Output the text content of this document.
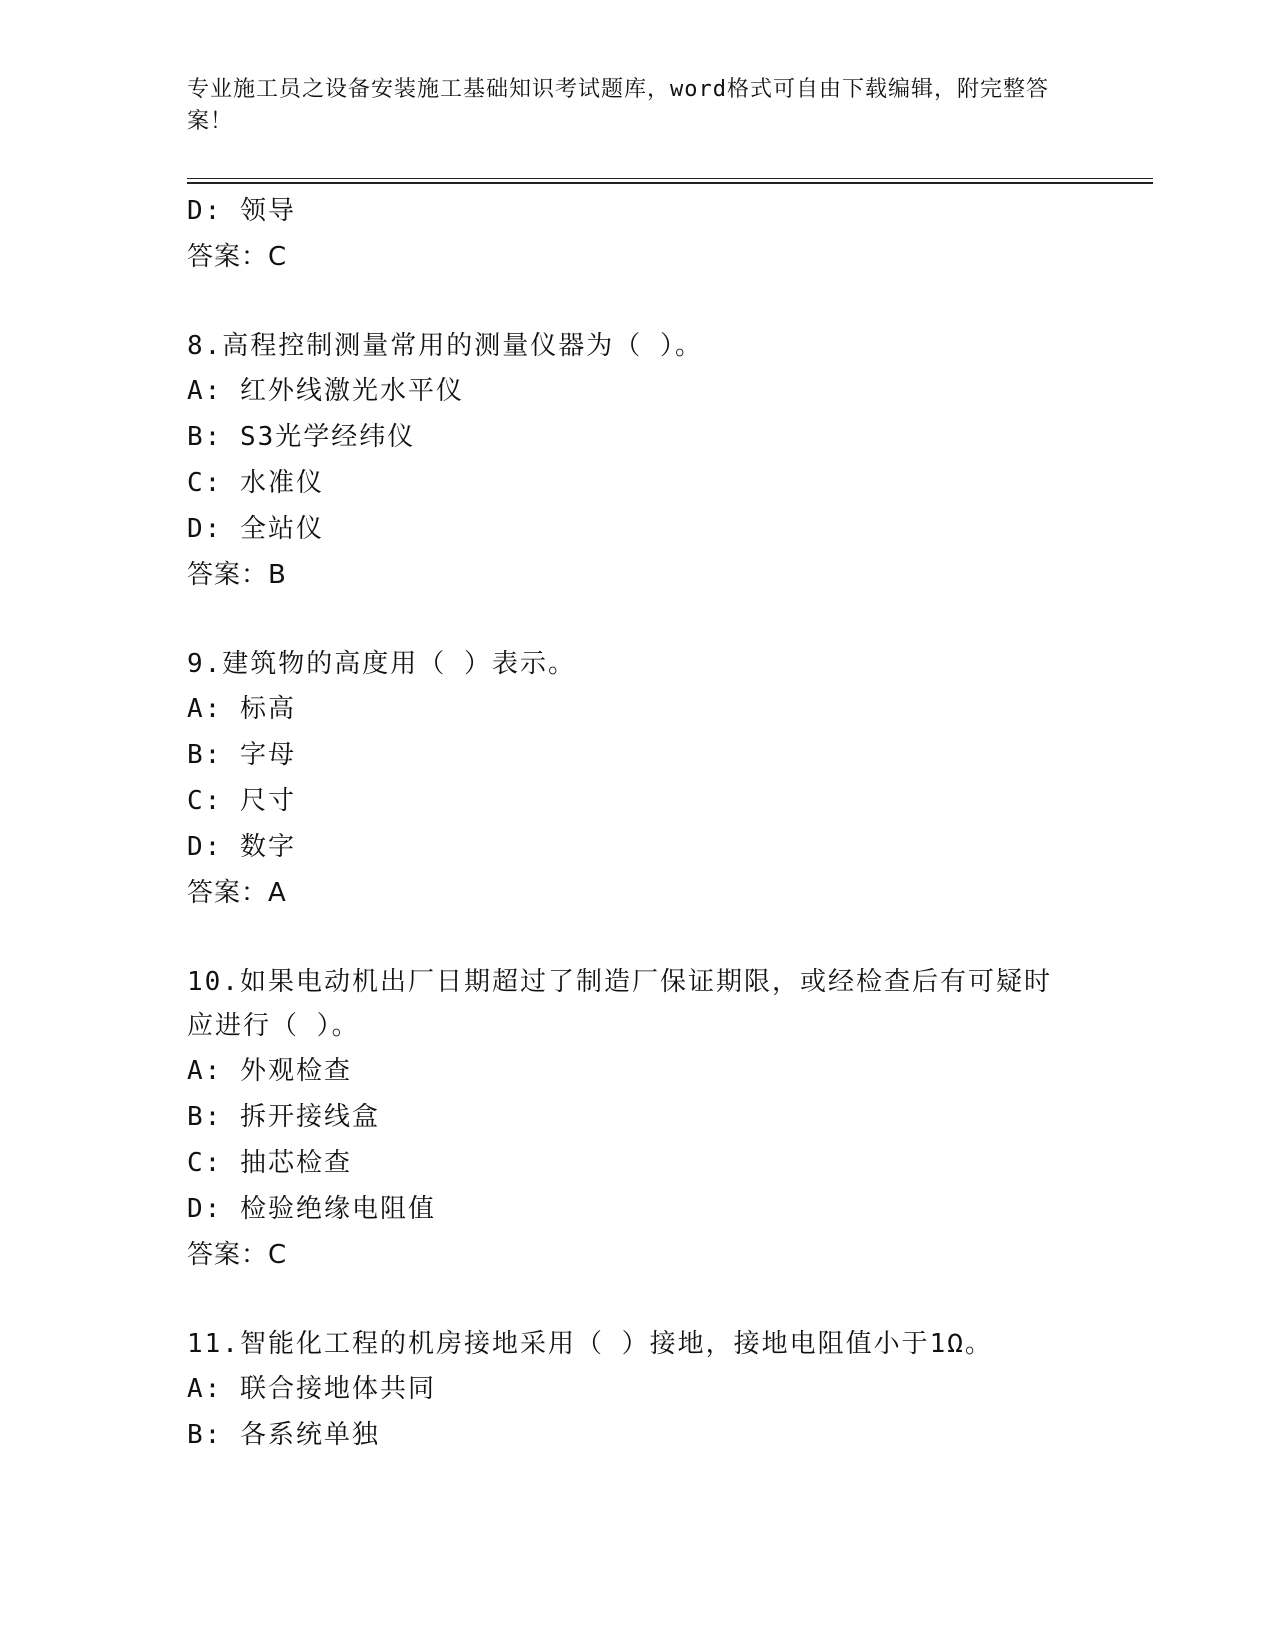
专业施工员之设备安装施工基础知识考试题库，word格式可自由下载编辑，附完整答案！
D: 领导
答案：C
8.高程控制测量常用的测量仪器为（ ）。
A: 红外线激光水平仪
B: S3光学经纬仪
C: 水准仪
D: 全站仪
答案：B
9.建筑物的高度用（ ）表示。
A: 标高
B: 字母
C: 尺寸
D: 数字
答案：A
10.如果电动机出厂日期超过了制造厂保证期限，或经检查后有可疑时应进行（ ）。
A: 外观检查
B: 拆开接线盒
C: 抽芯检查
D: 检验绝缘电阻值
答案：C
11.智能化工程的机房接地采用（ ）接地，接地电阻值小于1Ω。
A: 联合接地体共同
B: 各系统单独
